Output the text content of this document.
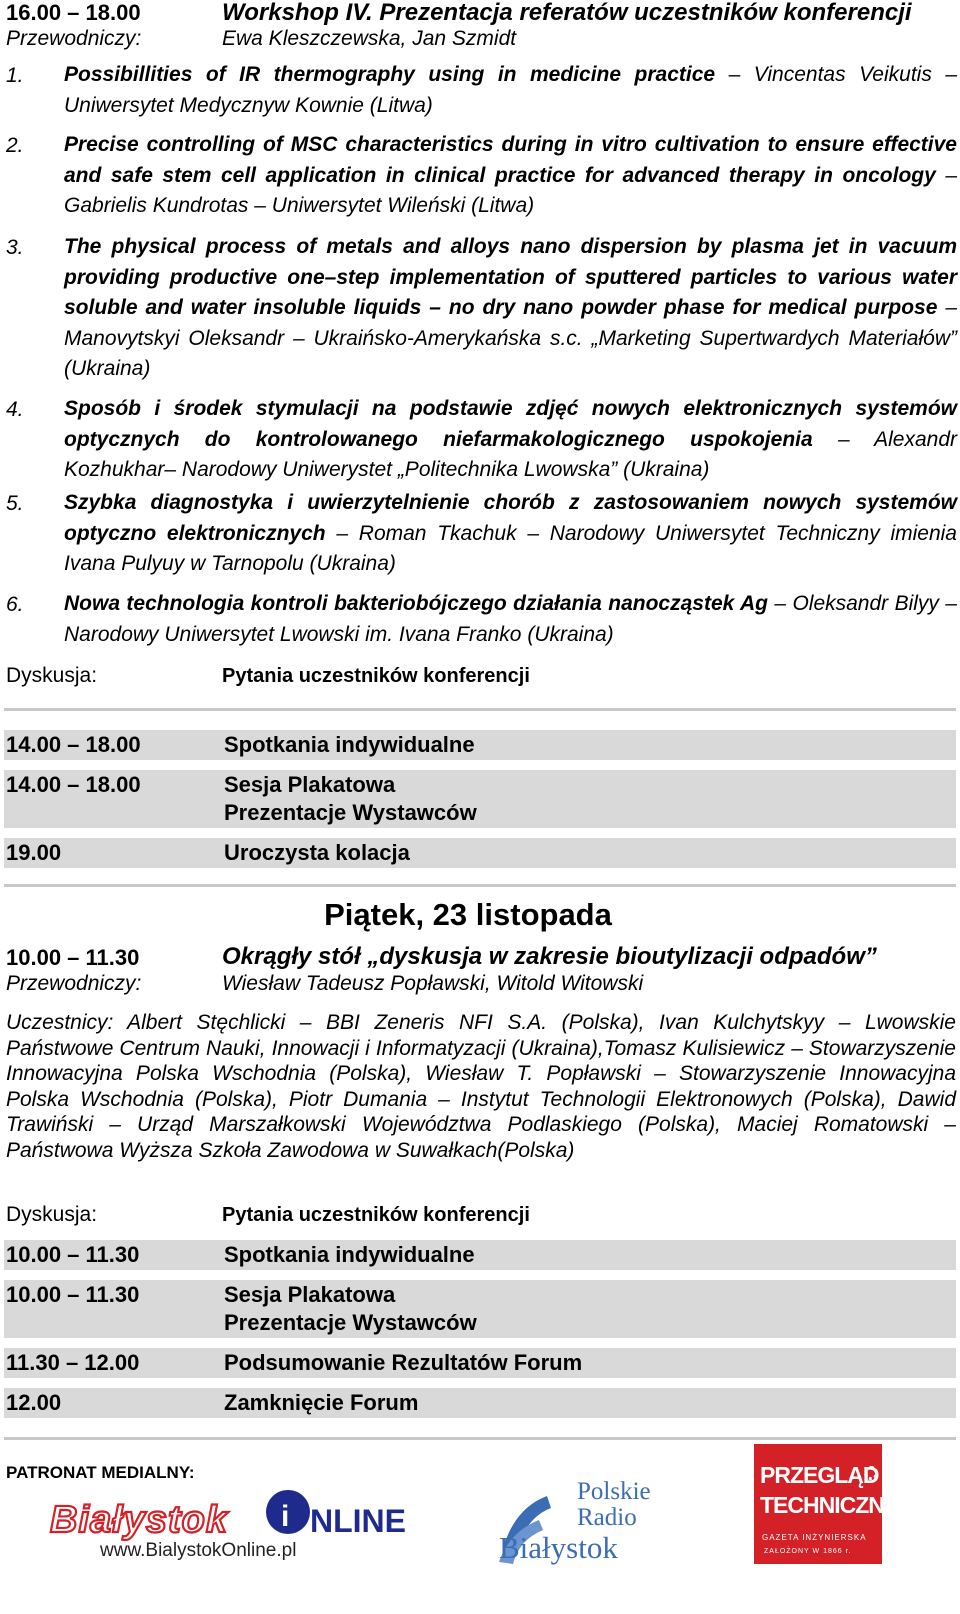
16.00 – 18.00	Workshop IV. Prezentacja referatów uczestników konferencji
Przewodniczy:	Ewa Kleszczewska, Jan Szmidt
1. Possibillities of IR thermography using in medicine practice – Vincentas Veikutis – Uniwersytet Medycznyw Kownie (Litwa)
2. Precise controlling of MSC characteristics during in vitro cultivation to ensure effective and safe stem cell application in clinical practice for advanced therapy in oncology – Gabrielis Kundrotas – Uniwersytet Wileński (Litwa)
3. The physical process of metals and alloys nano dispersion by plasma jet in vacuum providing productive one–step implementation of sputtered particles to various water soluble and water insoluble liquids – no dry nano powder phase for medical purpose – Manovytskyi Oleksandr – Ukraińsko-Amerykańska s.c. „Marketing Supertwardych Materiałów” (Ukraina)
4. Sposób i środek stymulacji na podstawie zdjęć nowych elektronicznych systemów optycznych do kontrolowanego niefarmakologicznego uspokojenia – Alexandr Kozhukhar– Narodowy Uniwerystet „Politechnika Lwowska” (Ukraina)
5. Szybka diagnostyka i uwierzytelnienie chorób z zastosowaniem nowych systemów optyczno elektronicznych – Roman Tkachuk – Narodowy Uniwersytet Techniczny imienia Ivana Pulyuy w Tarnopolu (Ukraina)
6. Nowa technologia kontroli bakteriobójczego działania nanocząstek Ag – Oleksandr Bilyy – Narodowy Uniwersytet Lwowski im. Ivana Franko (Ukraina)
Dyskusja:	Pytania uczestników konferencji
14.00 – 18.00	Spotkania indywidualne
14.00 – 18.00	Sesja Plakatowa
Prezentacje Wystawców
19.00	Uroczysta kolacja
Piątek, 23 listopada
10.00 – 11.30	Okrągły stół „dyskusja w zakresie bioutylizacji odpadów”
Przewodniczy:	Wiesław Tadeusz Popławski, Witold Witowski
Uczestnicy: Albert Stęchlicki – BBI Zeneris NFI S.A. (Polska), Ivan Kulchytskyy – Lwowskie Państwowe Centrum Nauki, Innowacji i Informatyzacji (Ukraina),Tomasz Kulisiewicz – Stowarzyszenie Innowacyjna Polska Wschodnia (Polska), Wiesław T. Popławski – Stowarzyszenie Innowacyjna Polska Wschodnia (Polska), Piotr Dumania – Instytut Technologii Elektronowych (Polska), Dawid Trawiński – Urząd Marszałkowski Województwa Podlaskiego (Polska), Maciej Romatowski – Państwowa Wyższa Szkoła Zawodowa w Suwałkach(Polska)
Dyskusja:	Pytania uczestników konferencji
10.00 – 11.30	Spotkania indywidualne
10.00 – 11.30	Sesja Plakatowa
Prezentacje Wystawców
11.30 – 12.00	Podsumowanie Rezultatów Forum
12.00	Zamknięcie Forum
PATRONAT MEDIALNY:
Białystok i NLINE
www.BialystokOnline.pl
Polskie
Radio
Białystok
PRZEGLĄD
TECHNICZNY
GAZETA INŻYNIERSKA
ZAŁOŻONY W 1866 r.
